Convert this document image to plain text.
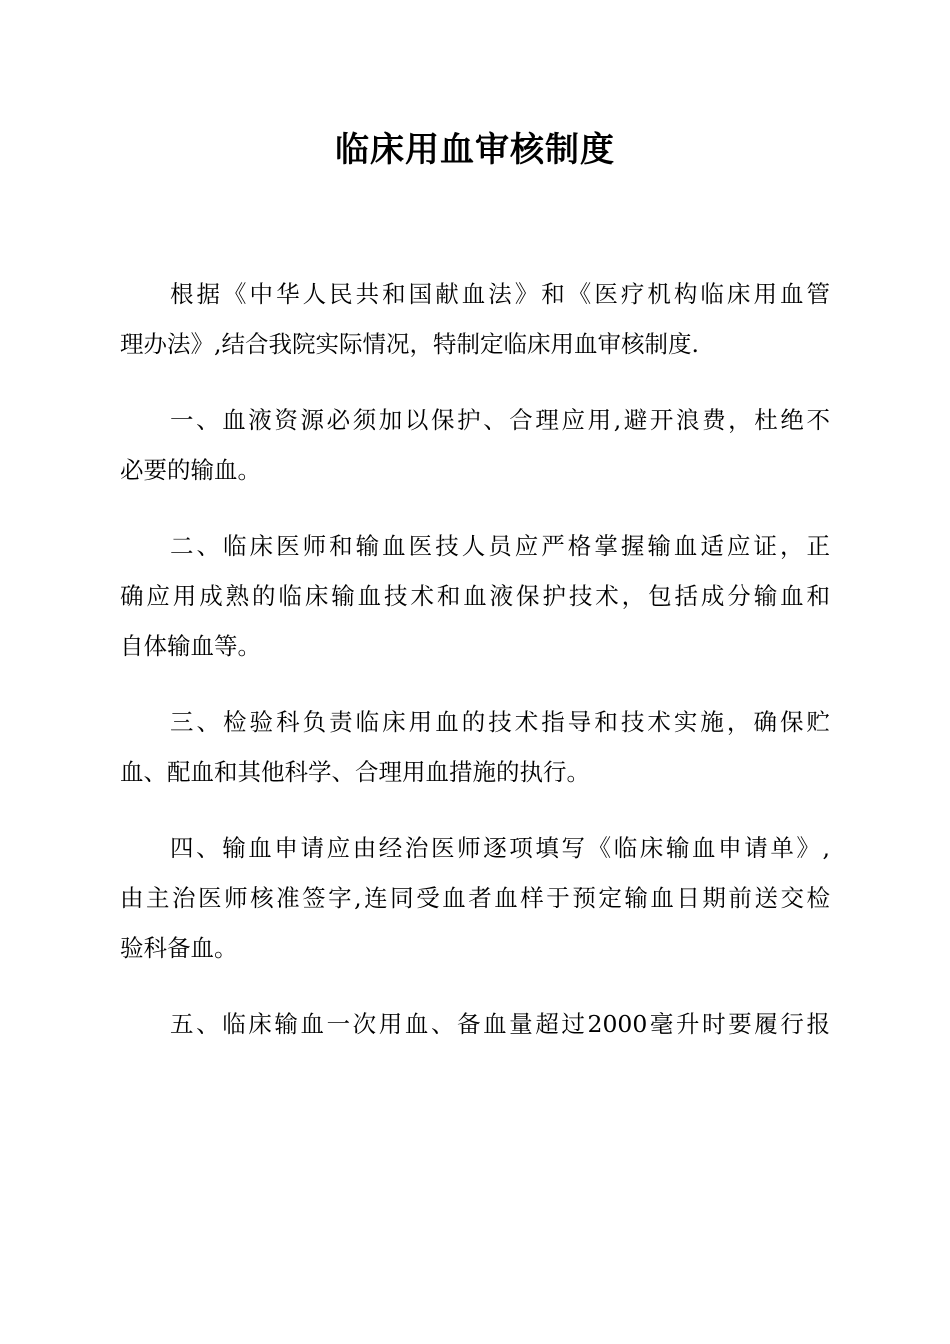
临床用血审核制度
根据《中华人民共和国献血法》和《医疗机构临床用血管
理办法》,结合我院实际情况，特制定临床用血审核制度.
一、血液资源必须加以保护、合理应用,避开浪费，杜绝不
必要的输血。
二、临床医师和输血医技人员应严格掌握输血适应证，正
确应用成熟的临床输血技术和血液保护技术，包括成分输血和
自体输血等。
三、检验科负责临床用血的技术指导和技术实施，确保贮
血、配血和其他科学、合理用血措施的执行。
四、输血申请应由经治医师逐项填写《临床输血申请单》,
由主治医师核准签字,连同受血者血样于预定输血日期前送交检
验科备血。
五、临床输血一次用血、备血量超过2000毫升时要履行报
